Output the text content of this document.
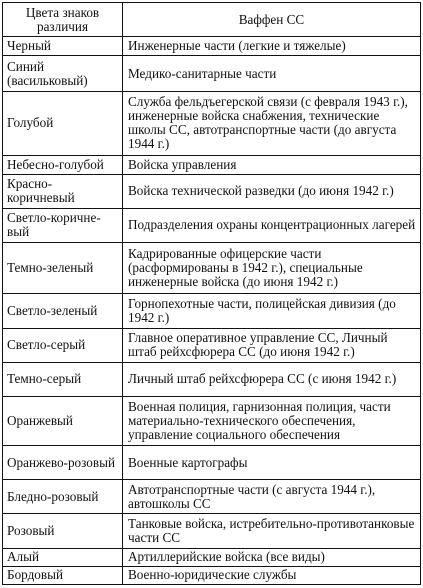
Цвета знаков различия	Ваффен СС
Черный	Инженерные части (легкие и тяжелые)
Синий (васильковый)	Медико-санитарные части
Голубой	Служба фельдъегерской связи (с февраля 1943 г.), инженерные войска снабжения, технические школы СС, автотранспортные части (до августа 1944 г.)
Небесно-голубой	Войска управления
Красно-коричневый	Войска технической разведки (до июня 1942 г.)
Светло-коричне-вый	Подразделения охраны концентрационных лагерей
Темно-зеленый	Кадрированные офицерские части (расформированы в 1942 г.), специальные инженерные войска (до июня 1942 г.)
Светло-зеленый	Горнопехотные части, полицейская дивизия (до 1942 г.)
Светло-серый	Главное оперативное управление СС, Личный штаб рейхсфюрера СС (до июня 1942 г.)
Темно-серый	Личный штаб рейхсфюрера СС (с июня 1942 г.)
Оранжевый	Военная полиция, гарнизонная полиция, части материально-технического обеспечения, управление социального обеспечения
Оранжево-розовый	Военные картографы
Бледно-розовый	Автотранспортные части (с августа 1944 г.), автошколы СС
Розовый	Танковые войска, истребительно-противотанковые части СС
Алый	Артиллерийские войска (все виды)
Бордовый	Военно-юридические службы
